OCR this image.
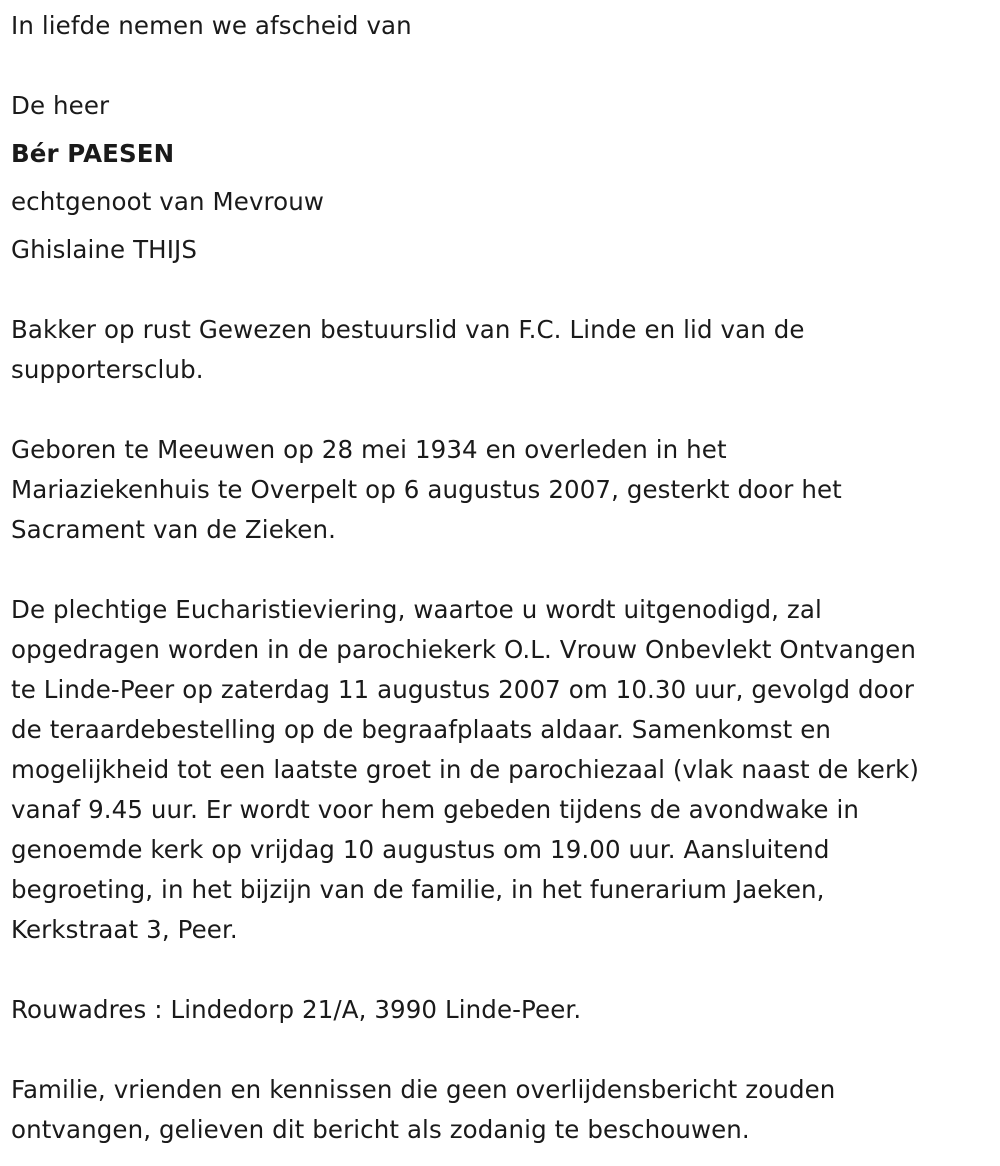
In liefde nemen we afscheid van
De heer
Bér PAESEN
echtgenoot van Mevrouw
Ghislaine THIJS
Bakker op rust Gewezen bestuurslid van F.C. Linde en lid van de
supportersclub.
Geboren te Meeuwen op 28 mei 1934 en overleden in het
Mariaziekenhuis te Overpelt op 6 augustus 2007, gesterkt door het
Sacrament van de Zieken.
De plechtige Eucharistieviering, waartoe u wordt uitgenodigd, zal
opgedragen worden in de parochiekerk O.L. Vrouw Onbevlekt Ontvangen
te Linde-Peer op zaterdag 11 augustus 2007 om 10.30 uur, gevolgd door
de teraardebestelling op de begraafplaats aldaar. Samenkomst en
mogelijkheid tot een laatste groet in de parochiezaal (vlak naast de kerk)
vanaf 9.45 uur. Er wordt voor hem gebeden tijdens de avondwake in
genoemde kerk op vrijdag 10 augustus om 19.00 uur. Aansluitend
begroeting, in het bijzijn van de familie, in het funerarium Jaeken,
Kerkstraat 3, Peer.
Rouwadres : Lindedorp 21/A, 3990 Linde-Peer.
Familie, vrienden en kennissen die geen overlijdensbericht zouden
ontvangen, gelieven dit bericht als zodanig te beschouwen.
